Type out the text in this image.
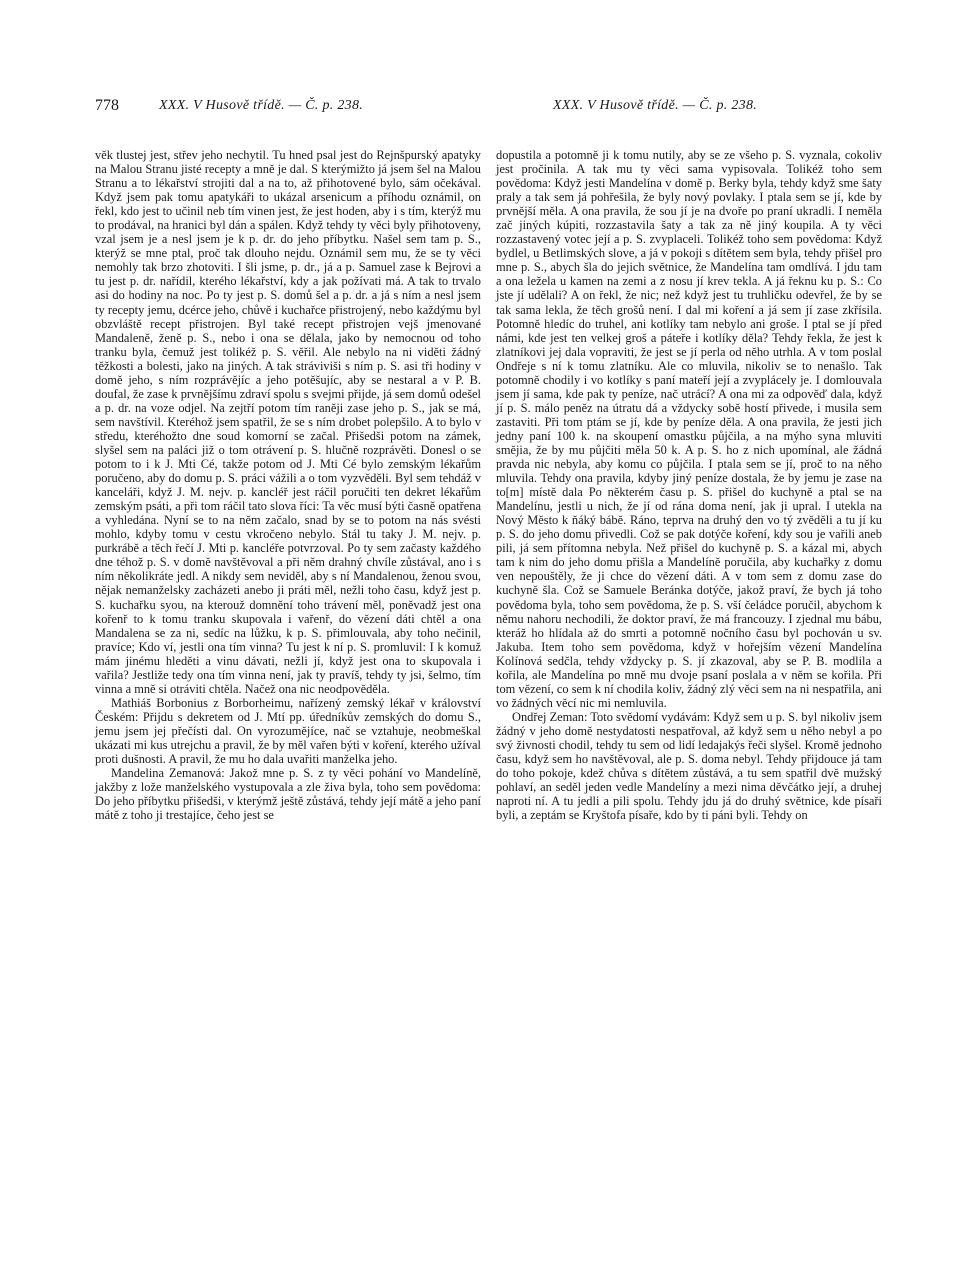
778	XXX. V Husově třídě. — Č. p. 238.	XXX. V Husově třídě. — Č. p. 238.

věk tlustej jest, střev jeho nechytil. Tu hned psal jest do Rejnšpurský apatyky na Malou Stranu jisté recepty a mně je dal. S kterýmižto já jsem šel na Malou Stranu a to lékařství strojiti dal a na to, až přihotovené bylo, sám očekával. Když jsem pak tomu apatykáři to ukázal arsenicum a příhodu oznámil, on řekl, kdo jest to učinil neb tím vinen jest, že jest hoden, aby i s tím, kterýž mu to prodával, na hranici byl dán a spálen. Když tehdy ty věci byly přihotoveny, vzal jsem je a nesl jsem je k p. dr. do jeho příbytku. Našel sem tam p. S., kterýž se mne ptal, proč tak dlouho nejdu. Oznámil sem mu, že se ty věci nemohly tak brzo zhotoviti. I šli jsme, p. dr., já a p. Samuel zase k Bejrovi a tu jest p. dr. nařídil, kterého lékařství, kdy a jak požívati má. A tak to trvalo asi do hodiny na noc. Po ty jest p. S. domů šel a p. dr. a já s ním a nesl jsem ty recepty jemu, dcérce jeho, chůvě i kuchařce přistrojený, nebo každýmu byl obzvláště recept přistrojen. Byl také recept přistrojen vejš jmenované Mandaleně, ženě p. S., nebo i ona se dělala, jako by nemocnou od toho tranku byla, čemuž jest tolikéž p. S. věřil. Ale nebylo na ni viděti žádný těžkosti a bolesti, jako na jiných. A tak stráviviši s ním p. S. asi tři hodiny v domě jeho, s ním rozprávějíc a jeho potěšujíc, aby se nestaral a v P. B. doufal, že zase k prvnějšímu zdraví spolu s svejmi přijde, já sem domů odešel a p. dr. na voze odjel. Na zejtří potom tím raněji zase jeho p. S., jak se má, sem navštívil. Kteréhož jsem spatřil, že se s ním drobet polepšilo. A to bylo v středu, kteréhožto dne soud komorní se začal. Přišedši potom na zámek, slyšel sem na paláci již o tom otrávení p. S. hlučně rozprávěti. Donesl o se potom to i k J. Mti Cé, takže potom od J. Mti Cé bylo zemským lékařům poručeno, aby do domu p. S. práci vážili a o tom vyzvěděli. Byl sem tehdáž v kanceláři, když J. M. nejv. p. kancléř jest ráčil poručiti ten dekret lékařům zemským psáti, a při tom ráčil tato slova říci: Ta věc musí býti časně opatřena a vyhledána. Nyní se to na něm začalo, snad by se to potom na nás svésti mohlo, kdyby tomu v cestu vkročeno nebylo. Stál tu taky J. M. nejv. p. purkrábě a těch řečí J. Mti p. kancléře potvrzoval. Po ty sem začasty každého dne téhož p. S. v domě navštěvoval a při něm drahný chvíle zůstával, ano i s ním několikráte jedl. A nikdy sem neviděl, aby s ní Mandalenou, ženou svou, nějak nemanželsky zacházeti anebo ji práti měl, nežli toho času, když jest p. S. kuchařku syou, na kterouž domnění toho trávení měl, poněvadž jest ona kořenř to k tomu tranku skupovala i vařenř, do vězení dáti chtěl a ona Mandalena se za ni, sedíc na lůžku, k p. S. přimlouvala, aby toho nečinil, pravíce; Kdo ví, jestli ona tím vinna? Tu jest k ní p. S. promluvil: I k komuž mám jinému hleděti a vinu dávati, nežli jí, když jest ona to skupovala i vařila? Jestliže tedy ona tím vinna není, jak ty pravíš, tehdy ty jsi, šelmo, tím vinna a mně si otráviti chtěla. Načež ona nic neodpověděla.

Mathiáš Borbonius z Borborheimu, nařízený zemský lékař v království Českém: Přijdu s dekretem od J. Mtí pp. úředníkův zemských do domu S., jemu jsem jej přečísti dal. On vyrozumějíce, nač se vztahuje, neobmeškal ukázati mi kus utrejchu a pravil, že by měl vařen býti v koření, kterého užíval proti dušnosti. A pravil, že mu ho dala uvařiti manželka jeho.

Mandelina Zemanová: Jakož mne p. S. z ty věci pohání vo Mandelíně, jakžby z lože manželského vystupovala a zle živa byla, toho sem povědoma: Do jeho příbytku přišedši, v kterýmž ještě zůstává, tehdy její mátě a jeho paní mátě z toho ji trestajíce, čeho jest se

dopustila a potomně ji k tomu nutily, aby se ze všeho p. S. vyznala, cokoliv jest pročinila. A tak mu ty věci sama vypisovala. Tolikéž toho sem povědoma: Když jesti Mandelína v domě p. Berky byla, tehdy když sme šaty praly a tak sem já pohřešila, že byly nový povlaky. I ptala sem se jí, kde by prvnější měla. A ona pravila, že sou jí je na dvoře po praní ukradli. I neměla zač jiných kúpiti, rozzastavila šaty a tak za ně jiný koupila. A ty věci rozzastavený votec její a p. S. zvyplaceli. Tolikéž toho sem povědoma: Když bydlel, u Betlimských slove, a já v pokoji s dítětem sem byla, tehdy přišel pro mne p. S., abych šla do jejich světnice, že Mandelína tam omdlívá. I jdu tam a ona ležela u kamen na zemi a z nosu jí krev tekla. A já řeknu ku p. S.: Co jste jí udělali? A on řekl, že nic; než když jest tu truhličku odevřel, že by se tak sama lekla, že těch grošů není. I dal mi koření a já sem jí zase zkřísila. Potomně hledíc do truhel, ani kotlíky tam nebylo ani groše. I ptal se jí před námi, kde jest ten velkej groš a páteře i kotlíky děla? Tehdy řekla, že jest k zlatníkovi jej dala vopraviti, že jest se jí perla od něho utrhla. A v tom poslal Ondřeje s ní k tomu zlatníku. Ale co mluvila, nikoliv se to nenašlo. Tak potomně chodily i vo kotlíky s paní mateří její a zvyplácely je. I domlouvala jsem jí sama, kde pak ty peníze, nač utrácí? A ona mi za odpověď dala, když jí p. S. málo peněz na útratu dá a vždycky sobě hostí přivede, i musila sem zastaviti. Při tom ptám se jí, kde by peníze děla. A ona pravila, že jesti jich jedny paní 100 k. na skoupení omastku půjčila, a na mýho syna mluviti smějia, že by mu půjčiti měla 50 k. A p. S. ho z nich upomínal, ale žádná pravda nic nebyla, aby komu co půjčila. I ptala sem se jí, proč to na něho mluvila. Tehdy ona pravila, kdyby jiný peníze dostala, že by jemu je zase na to[m] místě dala Po některém času p. S. přišel do kuchyně a ptal se na Mandelínu, jestli u nich, že jí od rána doma není, jak ji upral. I utekla na Nový Město k ňáký bábě. Ráno, teprva na druhý den vo tý zvěděli a tu jí ku p. S. do jeho domu přivedli. Což se pak dotýče koření, kdy sou je vařili aneb pili, já sem přítomna nebyla. Než přišel do kuchyně p. S. a kázal mi, abych tam k nim do jeho domu přišla a Mandelíně poručila, aby kuchařky z domu ven nepouštěly, že ji chce do vězení dáti. A v tom sem z domu zase do kuchyně šla. Což se Samuele Beránka dotýče, jakož praví, že bych já toho povědoma byla, toho sem povědoma, že p. S. vší čeládce poručil, abychom k němu nahoru nechodili, že doktor praví, že má francouzy. I zjednal mu bábu, kteráž ho hlídala až do smrti a potomně nočního času byl pochován u sv. Jakuba. Item toho sem povědoma, když v hořejším vězení Mandelína Kolínová sedčla, tehdy vždycky p. S. jí zkazoval, aby se P. B. modlila a kořila, ale Mandelína po mně mu dvoje psaní poslala a v něm se kořila. Při tom vězení, co sem k ní chodila koliv, žádný zlý věci sem na ni nespatřila, ani vo žádných věcí nic mi nemluvila.

Ondřej Zeman: Toto svědomí vydávám: Když sem u p. S. byl nikoliv jsem žádný v jeho domě nestydatosti nespatřoval, až když sem u něho nebyl a po svý živnosti chodil, tehdy tu sem od lidí ledajakýs řeči slyšel. Kromě jednoho času, když sem ho navštěvoval, ale p. S. doma nebyl. Tehdy přijdouce já tam do toho pokoje, kdež chůva s dítětem zůstává, a tu sem spatřil dvě mužský pohlaví, an seděl jeden vedle Mandelíny a mezi nima děvčátko její, a druhej naproti ní. A tu jedli a pili spolu. Tehdy jdu já do druhý světnice, kde písaři byli, a zeptám se Kryštofa písaře, kdo by ti páni byli. Tehdy on
